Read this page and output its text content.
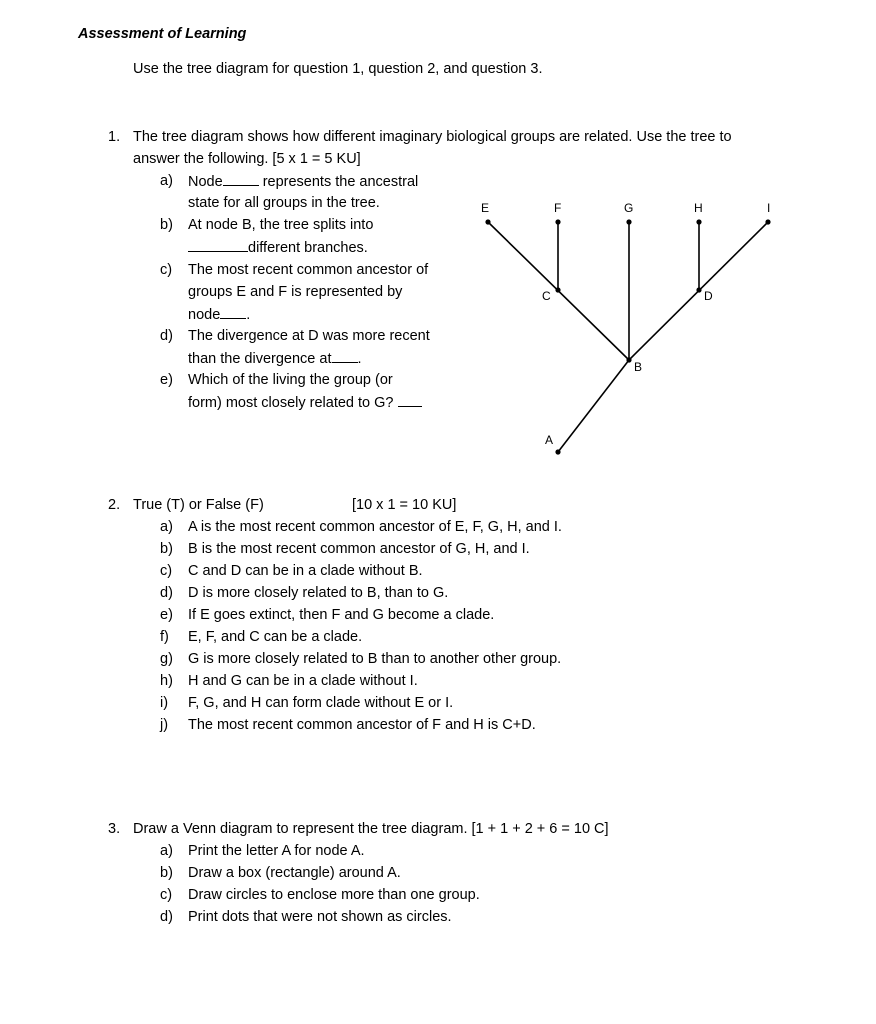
Assessment of Learning
Use the tree diagram for question 1, question 2, and question 3.
1. The tree diagram shows how different imaginary biological groups are related. Use the tree to
answer the following. [5 x 1 = 5 KU]
a) Node	represents the ancestral
state for all groups in the tree.
b) At node B, the tree splits into
different branches.
c) The most recent common ancestor of
groups E and F is represented by
node .
d) The divergence at D was more recent
than the divergence at .
e) Which of the living the group (or
form) most closely related to G?
E	F	G	H	I
A
B
C	D
2. True (T) or False (F)	[10 x 1 = 10 KU]
a) A is the most recent common ancestor of E, F, G, H, and I.
b) B is the most recent common ancestor of G, H, and I.
c) C and D can be in a clade without B.
d) D is more closely related to B, than to G.
e) If E goes extinct, then F and G become a clade.
f) E, F, and C can be a clade.
g) G is more closely related to B than to another other group.
h) H and G can be in a clade without I.
i) F, G, and H can form clade without E or I.
j) The most recent common ancestor of F and H is C+D.
3. Draw a Venn diagram to represent the tree diagram. [1 + 1 + 2 + 6 = 10 C]
a) Print the letter A for node A.
b) Draw a box (rectangle) around A.
c) Draw circles to enclose more than one group.
d) Print dots that were not shown as circles.
